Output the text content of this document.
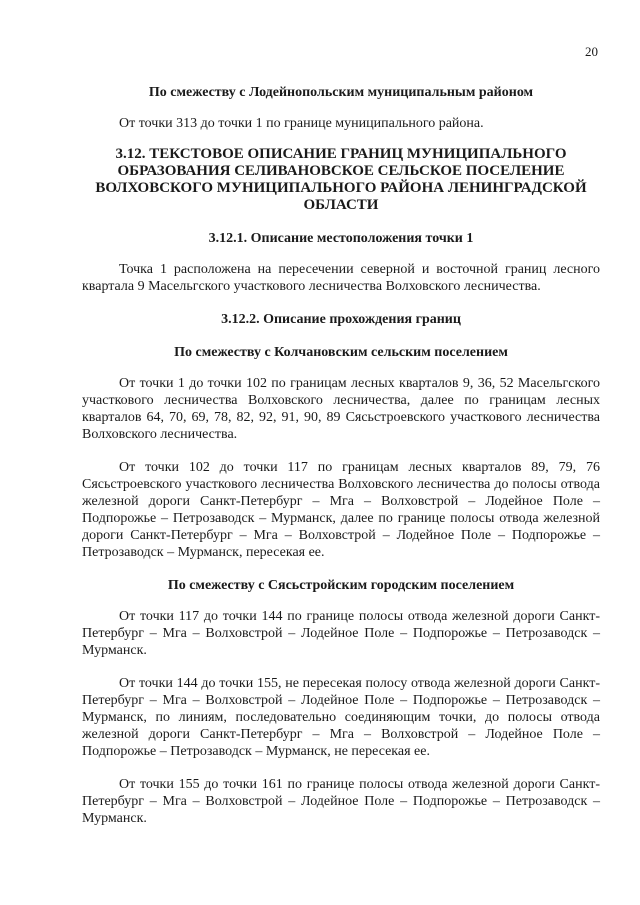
20

По смежеству с Лодейнопольским муниципальным районом

От точки 313 до точки 1 по границе муниципального района.

3.12. ТЕКСТОВОЕ ОПИСАНИЕ ГРАНИЦ МУНИЦИПАЛЬНОГО ОБРАЗОВАНИЯ СЕЛИВАНОВСКОЕ СЕЛЬСКОЕ ПОСЕЛЕНИЕ ВОЛХОВСКОГО МУНИЦИПАЛЬНОГО РАЙОНА ЛЕНИНГРАДСКОЙ ОБЛАСТИ

3.12.1. Описание местоположения точки 1

Точка 1 расположена на пересечении северной и восточной границ лесного квартала 9 Масельгского участкового лесничества Волховского лесничества.

3.12.2. Описание прохождения границ

По смежеству с Колчановским сельским поселением

От точки 1 до точки 102 по границам лесных кварталов 9, 36, 52 Масельгского участкового лесничества Волховского лесничества, далее по границам лесных кварталов 64, 70, 69, 78, 82, 92, 91, 90, 89 Сясьстроевского участкового лесничества Волховского лесничества.

От точки 102 до точки 117 по границам лесных кварталов 89, 79, 76 Сясьстроевского участкового лесничества Волховского лесничества до полосы отвода железной дороги Санкт-Петербург – Мга – Волховстрой – Лодейное Поле – Подпорожье – Петрозаводск – Мурманск, далее по границе полосы отвода железной дороги Санкт-Петербург – Мга – Волховстрой – Лодейное Поле – Подпорожье – Петрозаводск – Мурманск, пересекая ее.

По смежеству с Сясьстройским городским поселением

От точки 117 до точки 144 по границе полосы отвода железной дороги Санкт-Петербург – Мга – Волховстрой – Лодейное Поле – Подпорожье – Петрозаводск – Мурманск.

От точки 144 до точки 155, не пересекая полосу отвода железной дороги Санкт-Петербург – Мга – Волховстрой – Лодейное Поле – Подпорожье – Петрозаводск – Мурманск, по линиям, последовательно соединяющим точки, до полосы отвода железной дороги Санкт-Петербург – Мга – Волховстрой – Лодейное Поле – Подпорожье – Петрозаводск – Мурманск, не пересекая ее.

От точки 155 до точки 161 по границе полосы отвода железной дороги Санкт-Петербург – Мга – Волховстрой – Лодейное Поле – Подпорожье – Петрозаводск – Мурманск.
